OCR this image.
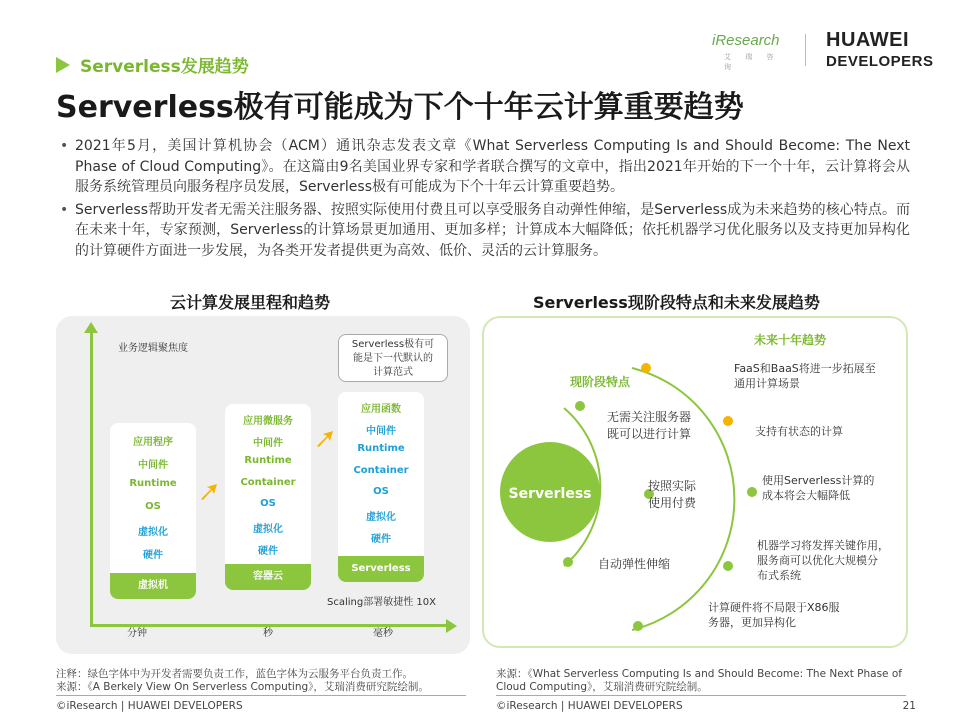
Serverless发展趋势
iResearch
艾 瑞 咨 询
HUAWEI
DEVELOPERS
Serverless极有可能成为下个十年云计算重要趋势
• 2021年5月，美国计算机协会（ACM）通讯杂志发表文章《What Serverless Computing Is and Should Become: The Next Phase of Cloud Computing》。在这篇由9名美国业界专家和学者联合撰写的文章中，指出2021年开始的下一个十年，云计算将会从服务系统管理员向服务程序员发展，Serverless极有可能成为下个十年云计算重要趋势。
• Serverless帮助开发者无需关注服务器、按照实际使用付费且可以享受服务自动弹性伸缩，是Serverless成为未来趋势的核心特点。而在未来十年，专家预测，Serverless的计算场景更加通用、更加多样；计算成本大幅降低；依托机器学习优化服务以及支持更加异构化的计算硬件方面进一步发展，为各类开发者提供更为高效、低价、灵活的云计算服务。
云计算发展里程和趋势
业务逻辑聚焦度
分钟	秒	毫秒
Scaling部署敏捷性 10X
Serverless极有可
能是下一代默认的
计算范式
应用程序
中间件
Runtime
OS
虚拟化
硬件
虚拟机
应用微服务
中间件
Runtime
Container
OS
虚拟化
硬件
容器云
应用函数
中间件
Runtime
Container
OS
虚拟化
硬件
Serverless
Serverless现阶段特点和未来发展趋势
Serverless
现阶段特点
未来十年趋势
无需关注服务器
既可以进行计算
按照实际
使用付费
自动弹性伸缩
FaaS和BaaS将进一步拓展至
通用计算场景
支持有状态的计算
使用Serverless计算的
成本将会大幅降低
机器学习将发挥关键作用，
服务商可以优化大规模分
布式系统
计算硬件将不局限于X86服
务器，更加异构化
注释：绿色字体中为开发者需要负责工作，蓝色字体为云服务平台负责工作。
来源：《A Berkely View On Serverless Computing》，艾瑞消费研究院绘制。
来源：《What Serverless Computing Is and Should Become: The Next Phase of
Cloud Computing》，艾瑞消费研究院绘制。
©iResearch | HUAWEI DEVELOPERS	©iResearch | HUAWEI DEVELOPERS	21
